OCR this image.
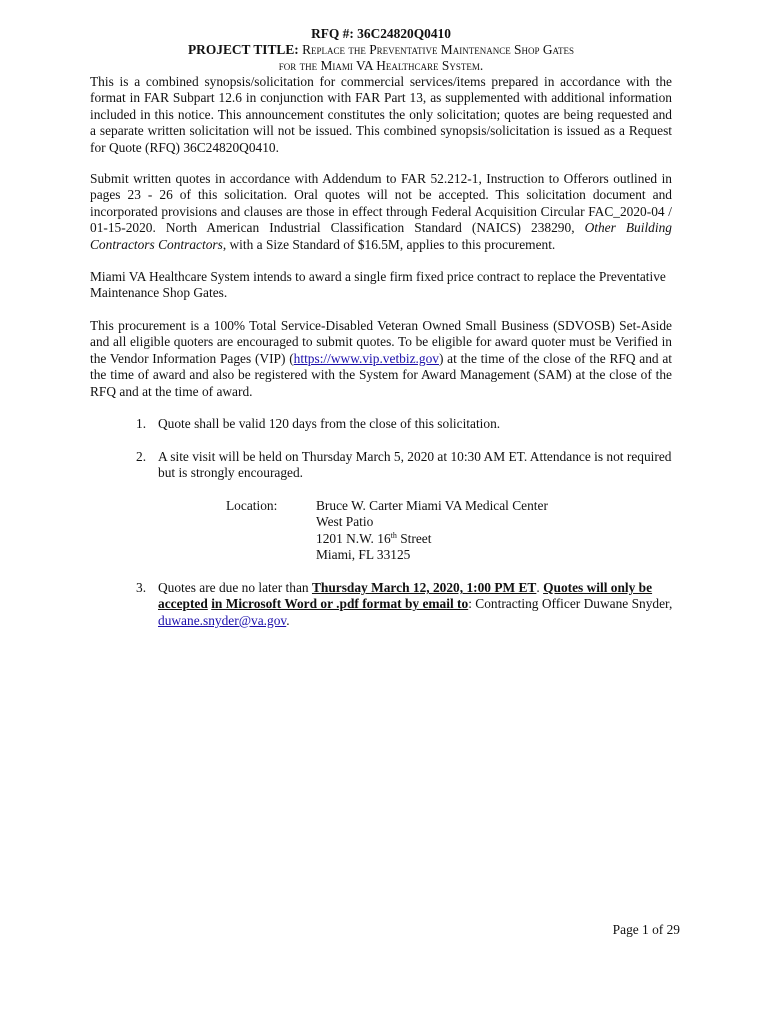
RFQ #: 36C24820Q0410
PROJECT TITLE: Replace the Preventative Maintenance Shop Gates
for the Miami VA Healthcare System.
This is a combined synopsis/solicitation for commercial services/items prepared in accordance with the format in FAR Subpart 12.6 in conjunction with FAR Part 13, as supplemented with additional information included in this notice. This announcement constitutes the only solicitation; quotes are being requested and a separate written solicitation will not be issued. This combined synopsis/solicitation is issued as a Request for Quote (RFQ) 36C24820Q0410.
Submit written quotes in accordance with Addendum to FAR 52.212-1, Instruction to Offerors outlined in pages 23 - 26 of this solicitation. Oral quotes will not be accepted. This solicitation document and incorporated provisions and clauses are those in effect through Federal Acquisition Circular FAC_2020-04 / 01-15-2020. North American Industrial Classification Standard (NAICS) 238290, Other Building Contractors Contractors, with a Size Standard of $16.5M, applies to this procurement.
Miami VA Healthcare System intends to award a single firm fixed price contract to replace the Preventative Maintenance Shop Gates.
This procurement is a 100% Total Service-Disabled Veteran Owned Small Business (SDVOSB) Set-Aside and all eligible quoters are encouraged to submit quotes. To be eligible for award quoter must be Verified in the Vendor Information Pages (VIP) (https://www.vip.vetbiz.gov) at the time of the close of the RFQ and at the time of award and also be registered with the System for Award Management (SAM) at the close of the RFQ and at the time of award.
1. Quote shall be valid 120 days from the close of this solicitation.
2. A site visit will be held on Thursday March 5, 2020 at 10:30 AM ET. Attendance is not required but is strongly encouraged.
Location:	Bruce W. Carter Miami VA Medical Center
West Patio
1201 N.W. 16th Street
Miami, FL 33125
3. Quotes are due no later than Thursday March 12, 2020, 1:00 PM ET. Quotes will only be accepted in Microsoft Word or .pdf format by email to: Contracting Officer Duwane Snyder, duwane.snyder@va.gov.
Page 1 of 29
